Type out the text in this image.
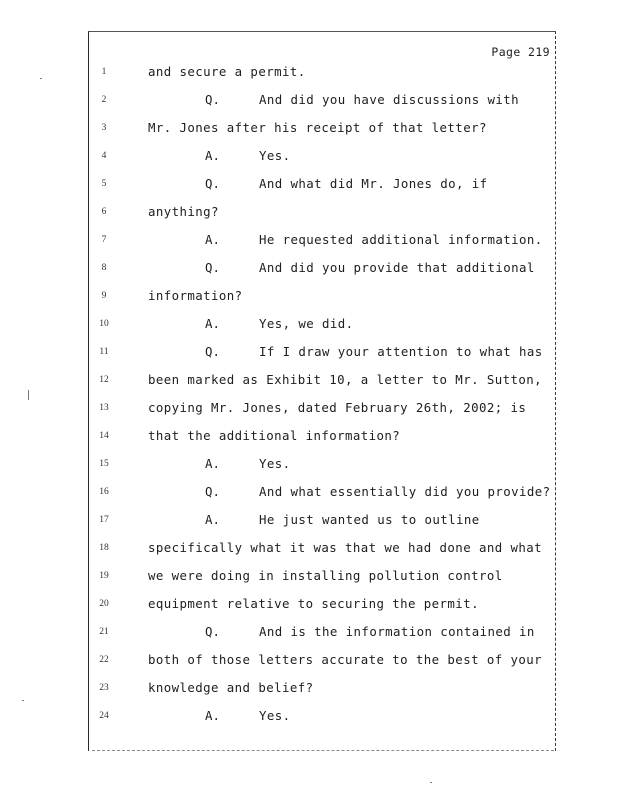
Page 219
1	and secure a permit.
2	Q.	And did you have discussions with
3	Mr. Jones after his receipt of that letter?
4	A.	Yes.
5	Q.	And what did Mr. Jones do, if
6	anything?
7	A.	He requested additional information.
8	Q.	And did you provide that additional
9	information?
10	A.	Yes, we did.
11	Q.	If I draw your attention to what has
12	been marked as Exhibit 10, a letter to Mr. Sutton,
13	copying Mr. Jones, dated February 26th, 2002; is
14	that the additional information?
15	A.	Yes.
16	Q.	And what essentially did you provide?
17	A.	He just wanted us to outline
18	specifically what it was that we had done and what
19	we were doing in installing pollution control
20	equipment relative to securing the permit.
21	Q.	And is the information contained in
22	both of those letters accurate to the best of your
23	knowledge and belief?
24	A.	Yes.
